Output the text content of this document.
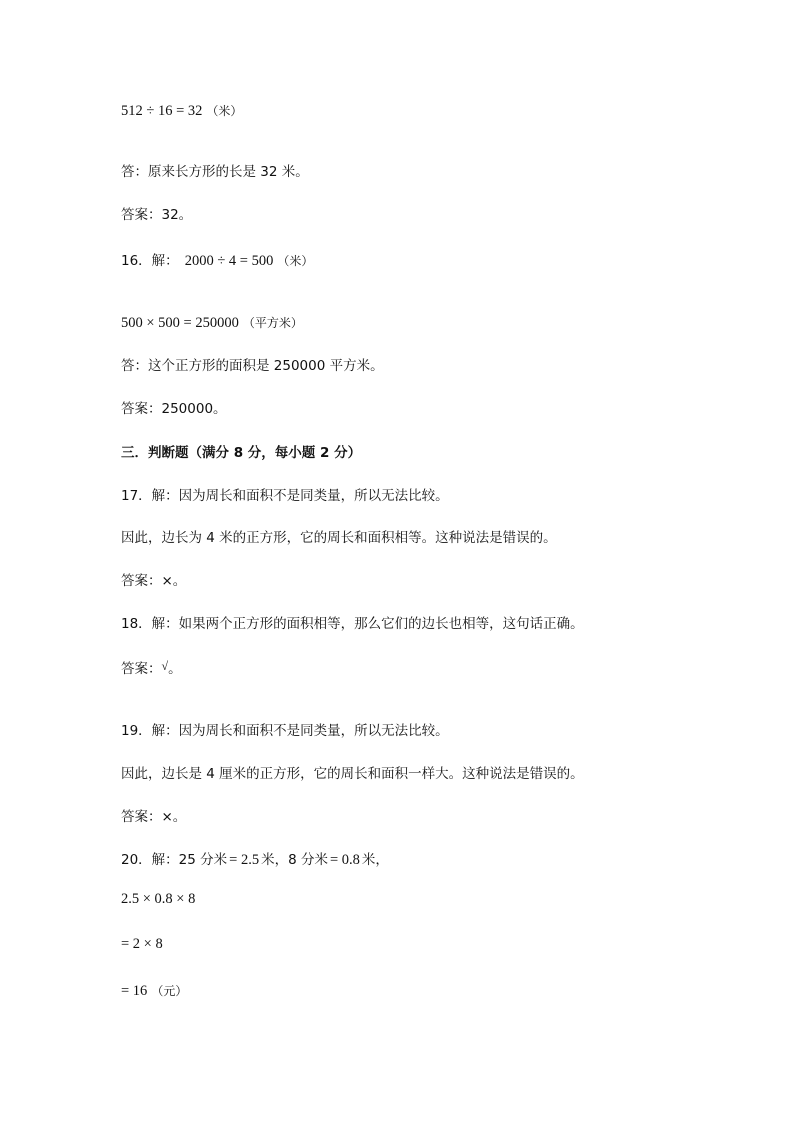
512 ÷ 16 = 32 （米）
答：原来长方形的长是 32 米。
答案：32。
16．解： 2000 ÷ 4 = 500 （米）
500 × 500 = 250000 （平方米）
答：这个正方形的面积是 250000 平方米。
答案：250000。
三．判断题（满分 8 分，每小题 2 分）
17．解：因为周长和面积不是同类量，所以无法比较。
因此，边长为 4 米的正方形，它的周长和面积相等。这种说法是错误的。
答案：×。
18．解：如果两个正方形的面积相等，那么它们的边长也相等，这句话正确。
答案：√。
19．解：因为周长和面积不是同类量，所以无法比较。
因此，边长是 4 厘米的正方形，它的周长和面积一样大。这种说法是错误的。
答案：×。
20．解：25 分米 = 2.5 米，8 分米 = 0.8 米，
2.5 × 0.8 × 8
= 2 × 8
= 16 （元）
